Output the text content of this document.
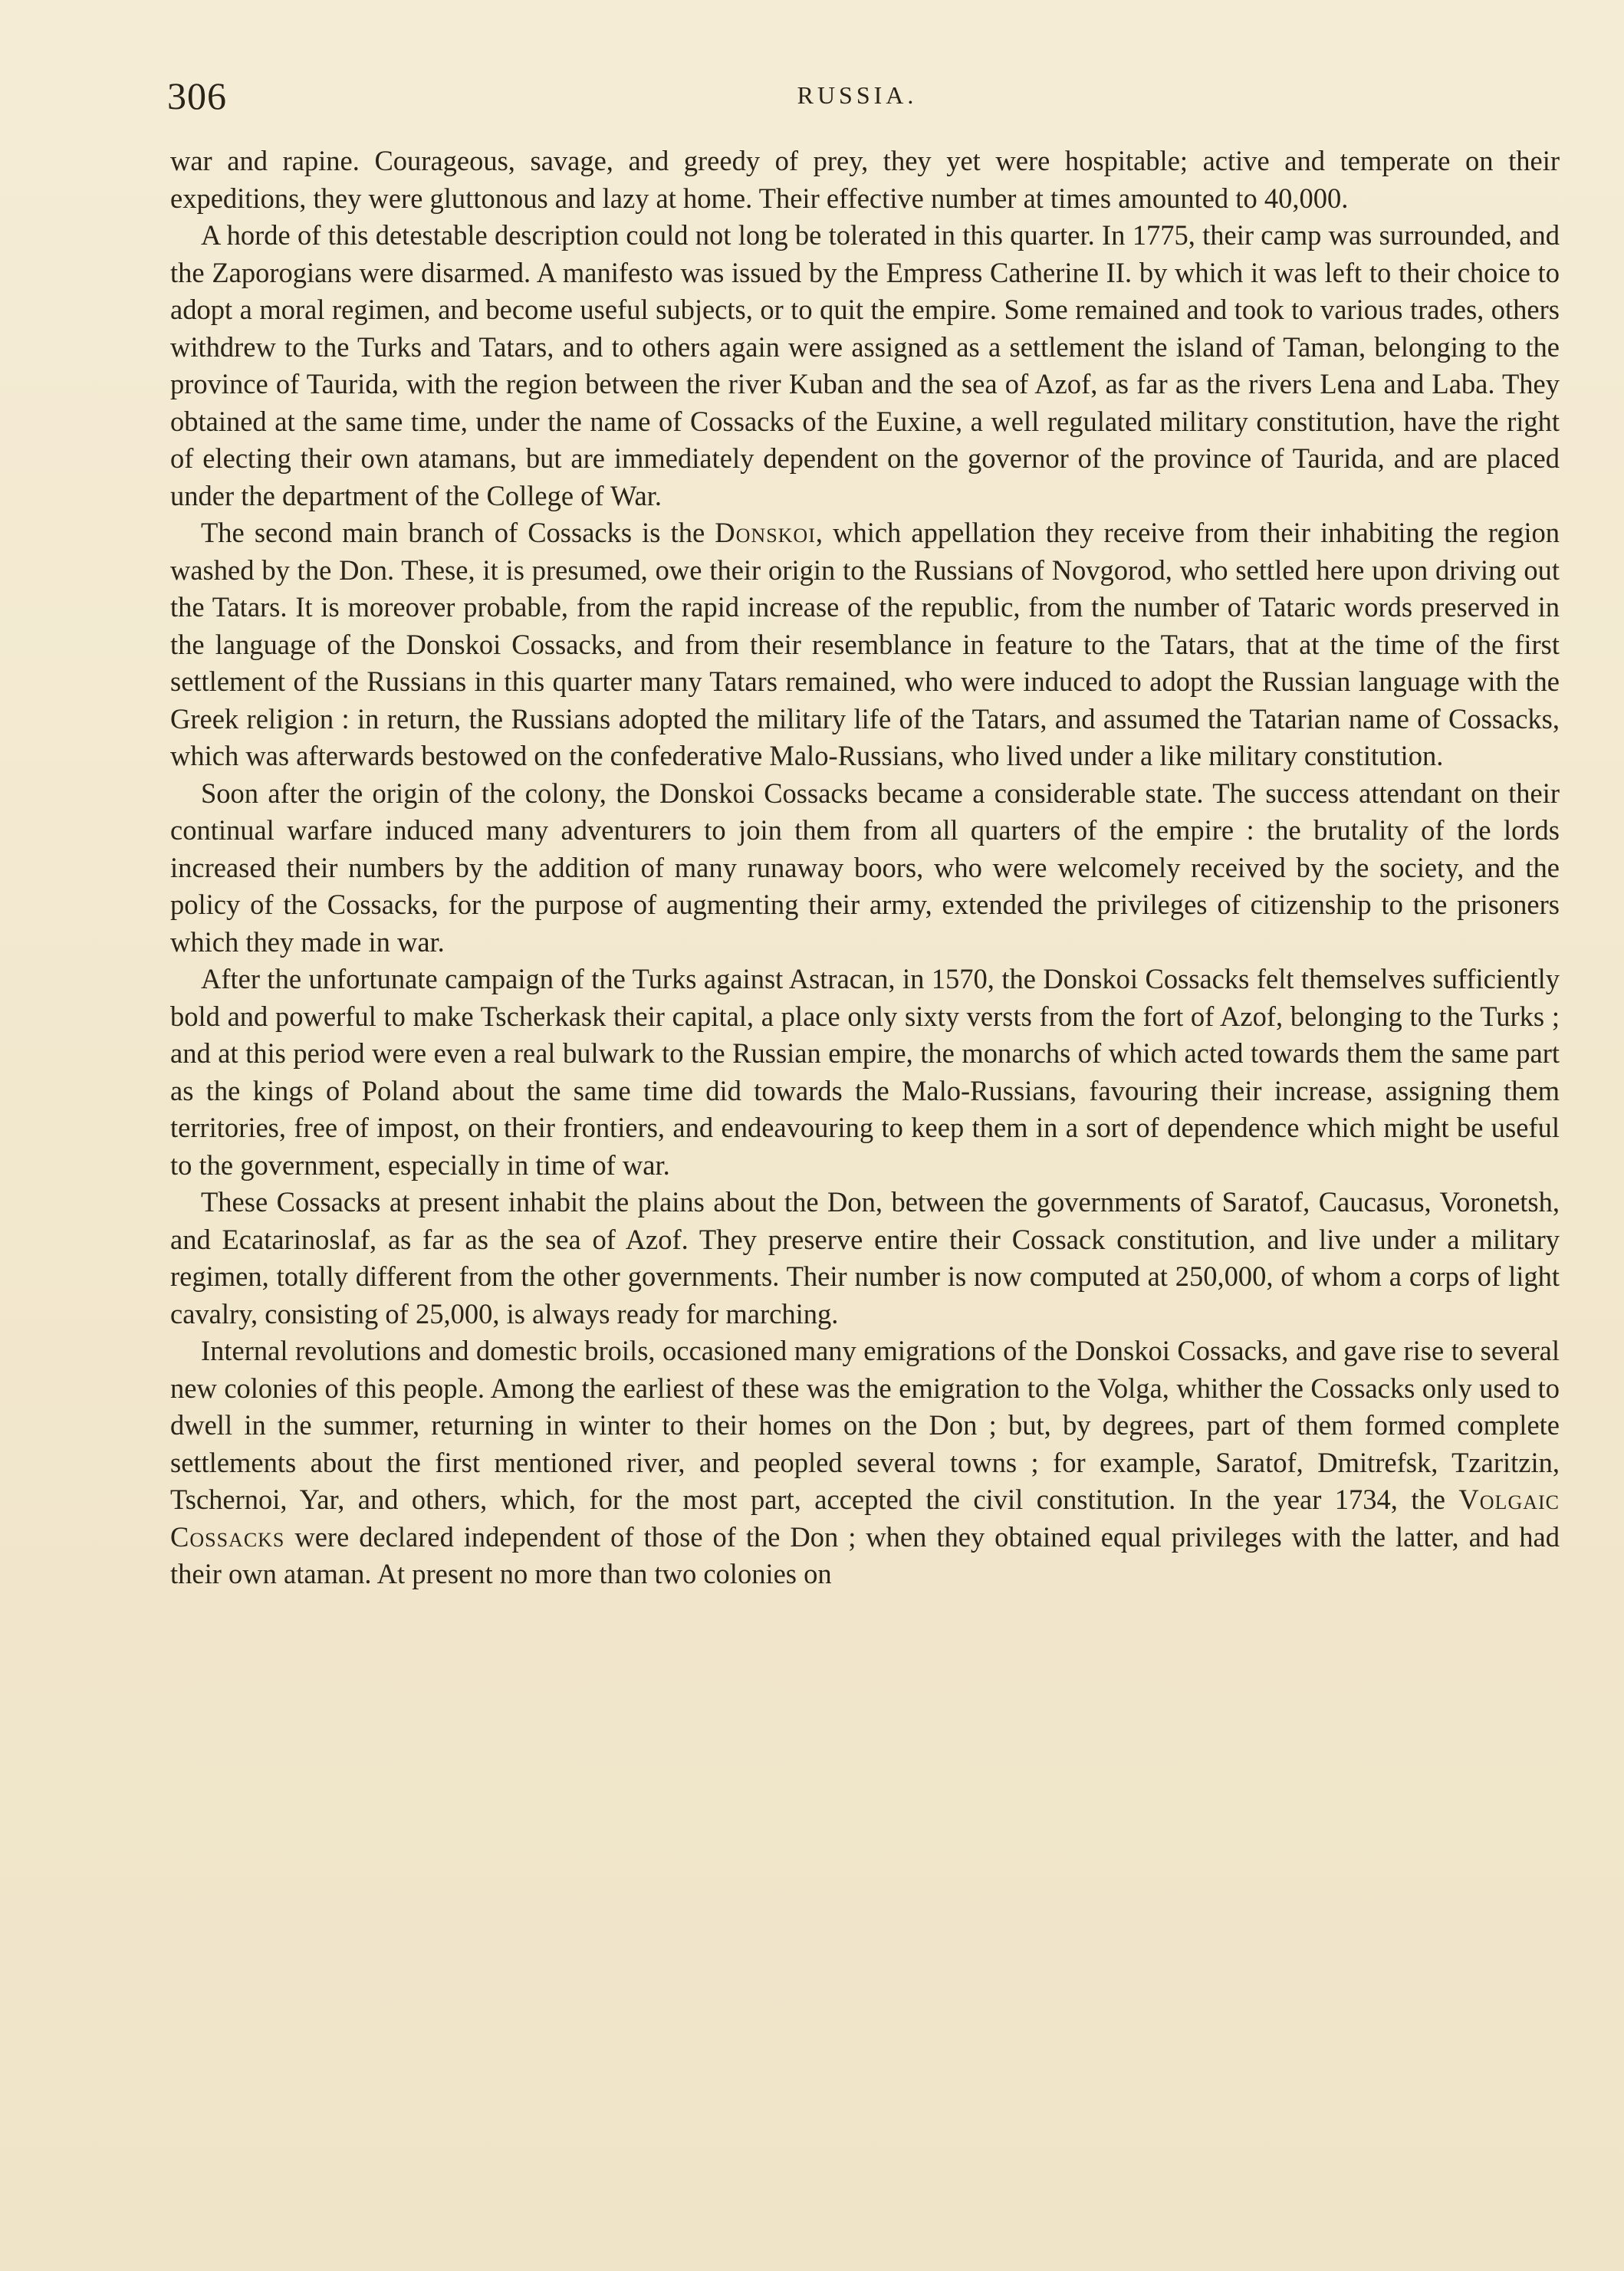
306	RUSSIA.

war and rapine. Courageous, savage, and greedy of prey, they yet were hospitable; active and temperate on their expeditions, they were gluttonous and lazy at home. Their effective number at times amounted to 40,000.

A horde of this detestable description could not long be tolerated in this quarter. In 1775, their camp was surrounded, and the Zaporogians were disarmed. A manifesto was issued by the Empress Catherine II. by which it was left to their choice to adopt a moral regimen, and become useful subjects, or to quit the empire. Some remained and took to various trades, others withdrew to the Turks and Tatars, and to others again were assigned as a settlement the island of Taman, belonging to the province of Taurida, with the region between the river Kuban and the sea of Azof, as far as the rivers Lena and Laba. They obtained at the same time, under the name of Cossacks of the Euxine, a well regulated military constitution, have the right of electing their own atamans, but are immediately dependent on the governor of the province of Taurida, and are placed under the department of the College of War.

The second main branch of Cossacks is the Donskoi, which appellation they receive from their inhabiting the region washed by the Don. These, it is presumed, owe their origin to the Russians of Novgorod, who settled here upon driving out the Tatars. It is moreover probable, from the rapid increase of the republic, from the number of Tataric words preserved in the language of the Donskoi Cossacks, and from their resemblance in feature to the Tatars, that at the time of the first settlement of the Russians in this quarter many Tatars remained, who were induced to adopt the Russian language with the Greek religion : in return, the Russians adopted the military life of the Tatars, and assumed the Tatarian name of Cossacks, which was afterwards bestowed on the confederative Malo-Russians, who lived under a like military constitution.

Soon after the origin of the colony, the Donskoi Cossacks became a considerable state. The success attendant on their continual warfare induced many adventurers to join them from all quarters of the empire : the brutality of the lords increased their numbers by the addition of many runaway boors, who were welcomely received by the society, and the policy of the Cossacks, for the purpose of augmenting their army, extended the privileges of citizenship to the prisoners which they made in war.

After the unfortunate campaign of the Turks against Astracan, in 1570, the Donskoi Cossacks felt themselves sufficiently bold and powerful to make Tscherkask their capital, a place only sixty versts from the fort of Azof, belonging to the Turks ; and at this period were even a real bulwark to the Russian empire, the monarchs of which acted towards them the same part as the kings of Poland about the same time did towards the Malo-Russians, favouring their increase, assigning them territories, free of impost, on their frontiers, and endeavouring to keep them in a sort of dependence which might be useful to the government, especially in time of war.

These Cossacks at present inhabit the plains about the Don, between the governments of Saratof, Caucasus, Voronetsh, and Ecatarinoslaf, as far as the sea of Azof. They preserve entire their Cossack constitution, and live under a military regimen, totally different from the other governments. Their number is now computed at 250,000, of whom a corps of light cavalry, consisting of 25,000, is always ready for marching.

Internal revolutions and domestic broils, occasioned many emigrations of the Donskoi Cossacks, and gave rise to several new colonies of this people. Among the earliest of these was the emigration to the Volga, whither the Cossacks only used to dwell in the summer, returning in winter to their homes on the Don ; but, by degrees, part of them formed complete settlements about the first mentioned river, and peopled several towns ; for example, Saratof, Dmitrefsk, Tzaritzin, Tschernoi, Yar, and others, which, for the most part, accepted the civil constitution. In the year 1734, the Volgaic Cossacks were declared independent of those of the Don ; when they obtained equal privileges with the latter, and had their own ataman. At present no more than two colonies on
